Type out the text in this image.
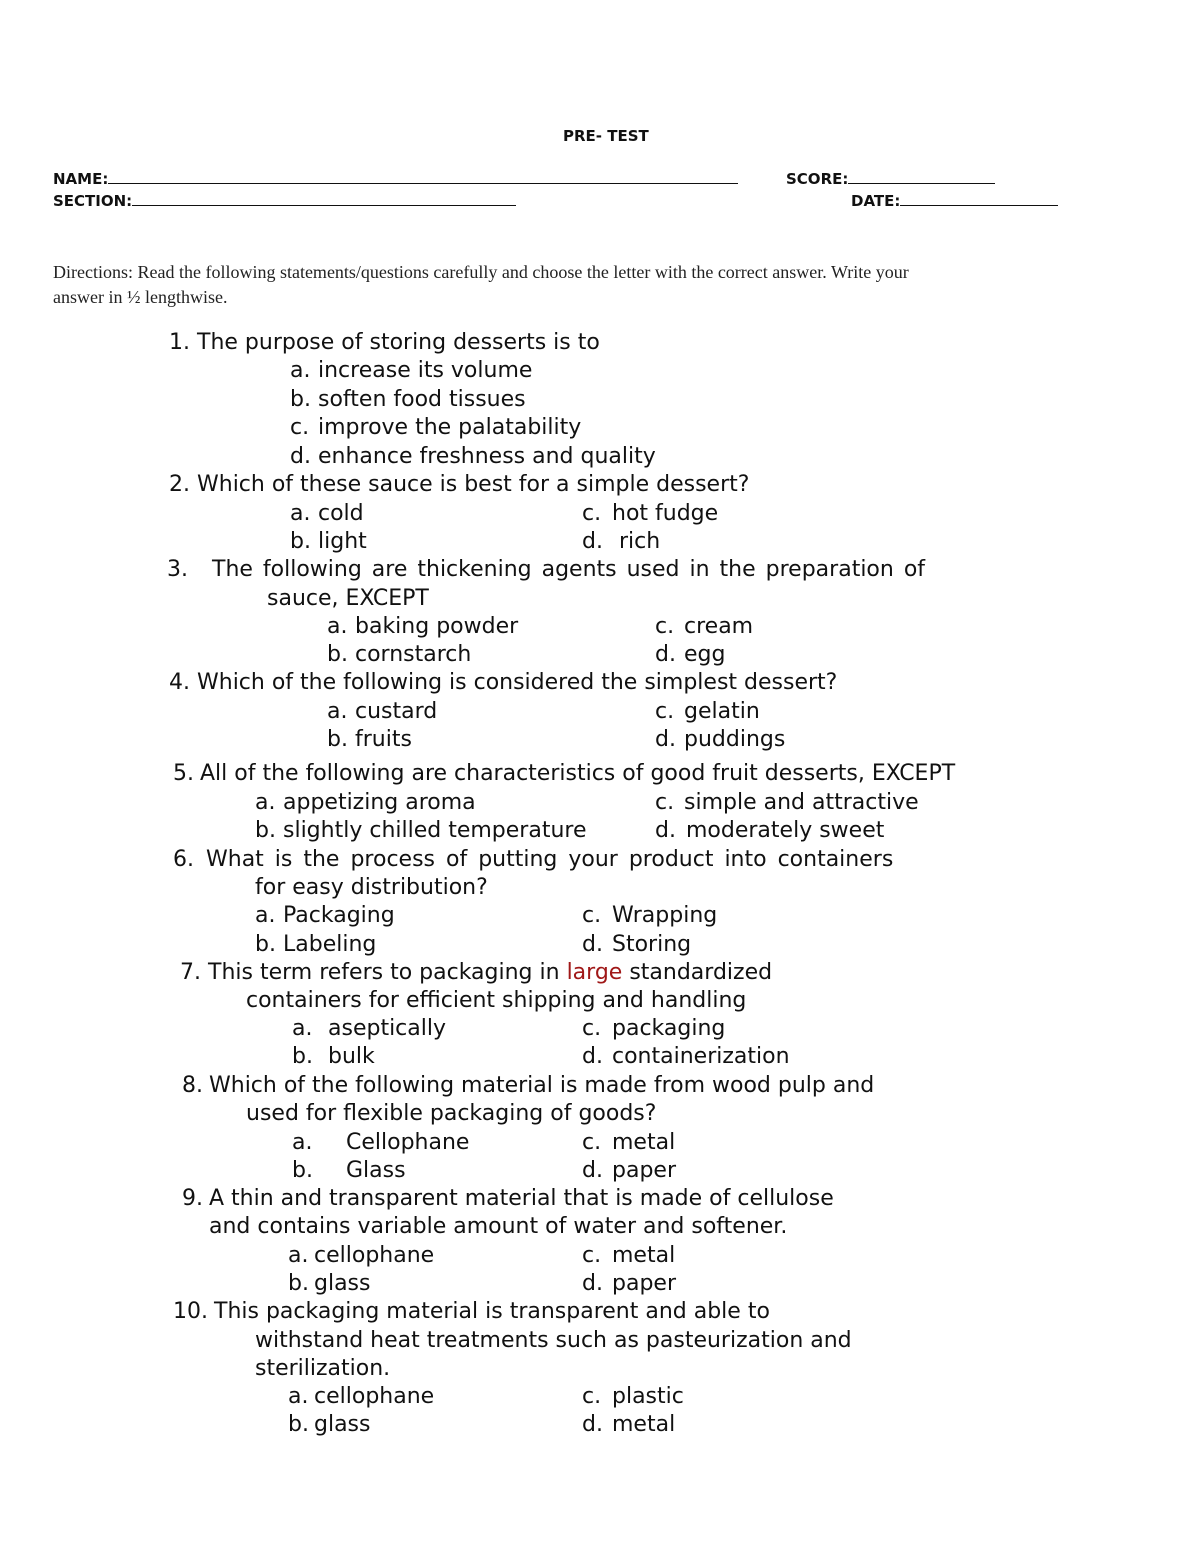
PRE- TEST
NAME:	SCORE:
SECTION:	DATE:
Directions: Read the following statements/questions carefully and choose the letter with the correct answer. Write your
answer in ½ lengthwise.
1. The purpose of storing desserts is to
a. increase its volume
b. soften food tissues
c. improve the palatability
d. enhance freshness and quality
2. Which of these sauce is best for a simple dessert?
a. cold	c. hot fudge
b. light	d. rich
3. The following are thickening agents used in the preparation of
sauce, EXCEPT
a. baking powder	c. cream
b. cornstarch	d. egg
4. Which of the following is considered the simplest dessert?
a. custard	c. gelatin
b. fruits	d. puddings
5. All of the following are characteristics of good fruit desserts, EXCEPT
a. appetizing aroma	c. simple and attractive
b. slightly chilled temperature	d. moderately sweet
6. What is the process of putting your product into containers
for easy distribution?
a. Packaging	c. Wrapping
b. Labeling	d. Storing
7. This term refers to packaging in large standardized
containers for efficient shipping and handling
a. aseptically	c. packaging
b. bulk	d. containerization
8. Which of the following material is made from wood pulp and
used for flexible packaging of goods?
a. Cellophane	c. metal
b. Glass	d. paper
9. A thin and transparent material that is made of cellulose
and contains variable amount of water and softener.
a. cellophane	c. metal
b. glass	d. paper
10. This packaging material is transparent and able to
withstand heat treatments such as pasteurization and
sterilization.
a. cellophane	c. plastic
b. glass	d. metal
